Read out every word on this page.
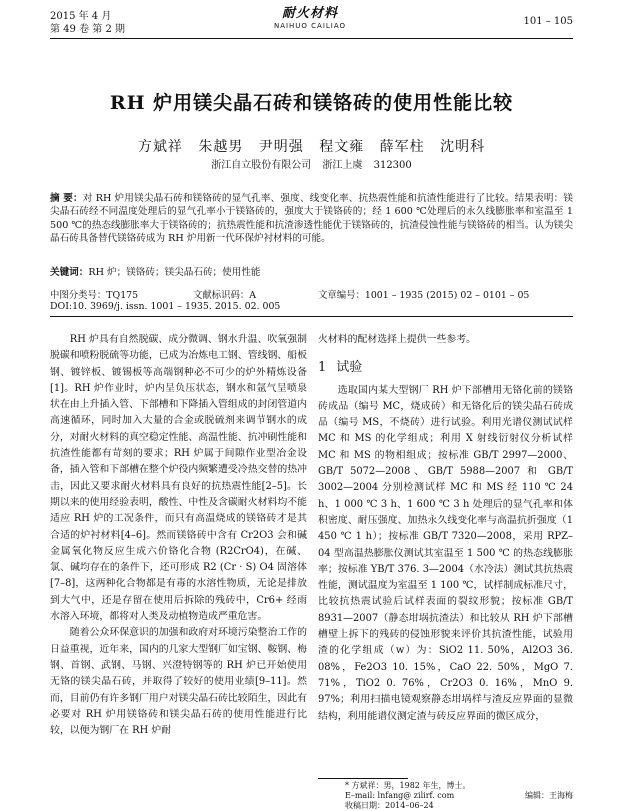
2015 年 4 月
第 49 卷 第 2 期
耐火材料
NAIHUO CAILIAO	101 – 105
RH 炉用镁尖晶石砖和镁铬砖的使用性能比较
方斌祥 朱越男 尹明强 程文雍 薛军柱 沈明科
浙江自立股份有限公司 浙江上虞 312300
摘 要：对 RH 炉用镁尖晶石砖和镁铬砖的显气孔率、强度、线变化率、抗热震性能和抗渣性能进行了比较。结果表明：镁尖晶石砖经不同温度处理后的显气孔率小于镁铬砖的，强度大于镁铬砖的；经 1 600 ℃处理后的永久线膨胀率和室温至 1 500 ℃的热态线膨胀率大于镁铬砖的；抗热震性能和抗渣渗透性能优于镁铬砖的，抗渣侵蚀性能与镁铬砖的相当。认为镁尖晶石砖具备替代镁铬砖成为 RH 炉用新一代环保炉衬材料的可能。
关键词：RH 炉；镁铬砖；镁尖晶石砖；使用性能
中图分类号：TQ175	文献标识码：A	文章编号：1001 – 1935 (2015) 02 – 0101 – 05
DOI:10. 3969/j. issn. 1001 – 1935. 2015. 02. 005

RH 炉具有自然脱碳、成分微调、钢水升温、吹氧强制脱碳和喷粉脱硫等功能，已成为冶炼电工钢、管线钢、船板钢、镀锌板、镀锡板等高端钢种必不可少的炉外精炼设备[1]。RH 炉作业时，炉内呈负压状态，钢水和氩气呈喷泉状在由上升插入管、下部槽和下降插入管组成的封闭管道内高速循环，同时加入大量的合金或脱硫剂来调节钢水的成分，对耐火材料的真空稳定性能、高温性能、抗冲刷性能和抗渣性能都有苛刻的要求；RH 炉属于间隙作业型冶金设备，插入管和下部槽在整个炉役内频繁遭受冷热交替的热冲击，因此又要求耐火材料具有良好的抗热震性能[2–5]。长期以来的使用经验表明，酸性、中性及含碳耐火材料均不能适应 RH 炉的工况条件，而只有高温烧成的镁铬砖才是其合适的炉衬材料[4–6]。然而镁铬砖中含有 Cr2O3 会和碱金属氧化物反应生成六价铬化合物 (R2CrO4)，在碱、氯、碱均存在的条件下，还可形成 R2 (Cr · S) O4 固溶体[7–8]，这两种化合物都是有毒的水溶性物质，无论是排放到大气中，还是存留在使用后拆除的残砖中，Cr6+ 经雨水溶入环境，都将对人类及动植物造成严重危害。

随着公众环保意识的加强和政府对环境污染整治工作的日益重视，近年来，国内的几家大型钢厂如宝钢、鞍钢、梅钢、首钢、武钢、马钢、兴澄特钢等的 RH 炉已开始使用无铬的镁尖晶石砖，并取得了较好的使用业绩[9–11]。然而，目前仍有许多钢厂用户对镁尖晶石砖比较陌生，因此有必要对 RH 炉用镁铬砖和镁尖晶石砖的使用性能进行比较，以便为钢厂在 RH 炉耐

火材料的配材选择上提供一些参考。
1 试验

选取国内某大型钢厂 RH 炉下部槽用无铬化前的镁铬砖成品（编号 MC，烧成砖）和无铬化后的镁尖晶石砖成品（编号 MS，不烧砖）进行试验。利用光谱仪测试试样 MC 和 MS 的化学组成；利用 X 射线衍射仪分析试样 MC 和 MS 的物相组成；按标准 GB/T 2997—2000、GB/T 5072—2008、GB/T 5988—2007 和 GB/T 3002—2004 分别检测试样 MC 和 MS 经 110 ℃ 24 h、1 000 ℃ 3 h、1 600 ℃ 3 h 处理后的显气孔率和体积密度、耐压强度、加热永久线变化率与高温抗折强度（1 450 ℃ 1 h）；按标准 GB/T 7320—2008，采用 RPZ–04 型高温热膨胀仪测试其室温至 1 500 ℃ 的热态线膨胀率；按标准 YB/T 376. 3—2004（水冷法）测试其抗热震性能，测试温度为室温至 1 100 ℃，试样制成标准尺寸，比较抗热震试验后试样表面的裂纹形貌；按标准 GB/T 8931—2007（静态坩埚抗渣法）和比较从 RH 炉下部槽槽壁上拆下的残砖的侵蚀形貌来评价其抗渣性能，试验用渣的化学组成（w）为：SiO2 11. 50%，Al2O3 36. 08%，Fe2O3 10. 15%，CaO 22. 50%，MgO 7. 71%，TiO2 0. 76%，Cr2O3 0. 16%，MnO 9. 97%；利用扫描电镜观察静态坩埚样与渣反应界面的显微结构，利用能谱仪测定渣与砖反应界面的微区成分，

* 方斌祥：男，1982 年生，博士。
E–mail: lnfang@ zilirf. com
收稿日期：2014–06–24
编辑：王海梅
